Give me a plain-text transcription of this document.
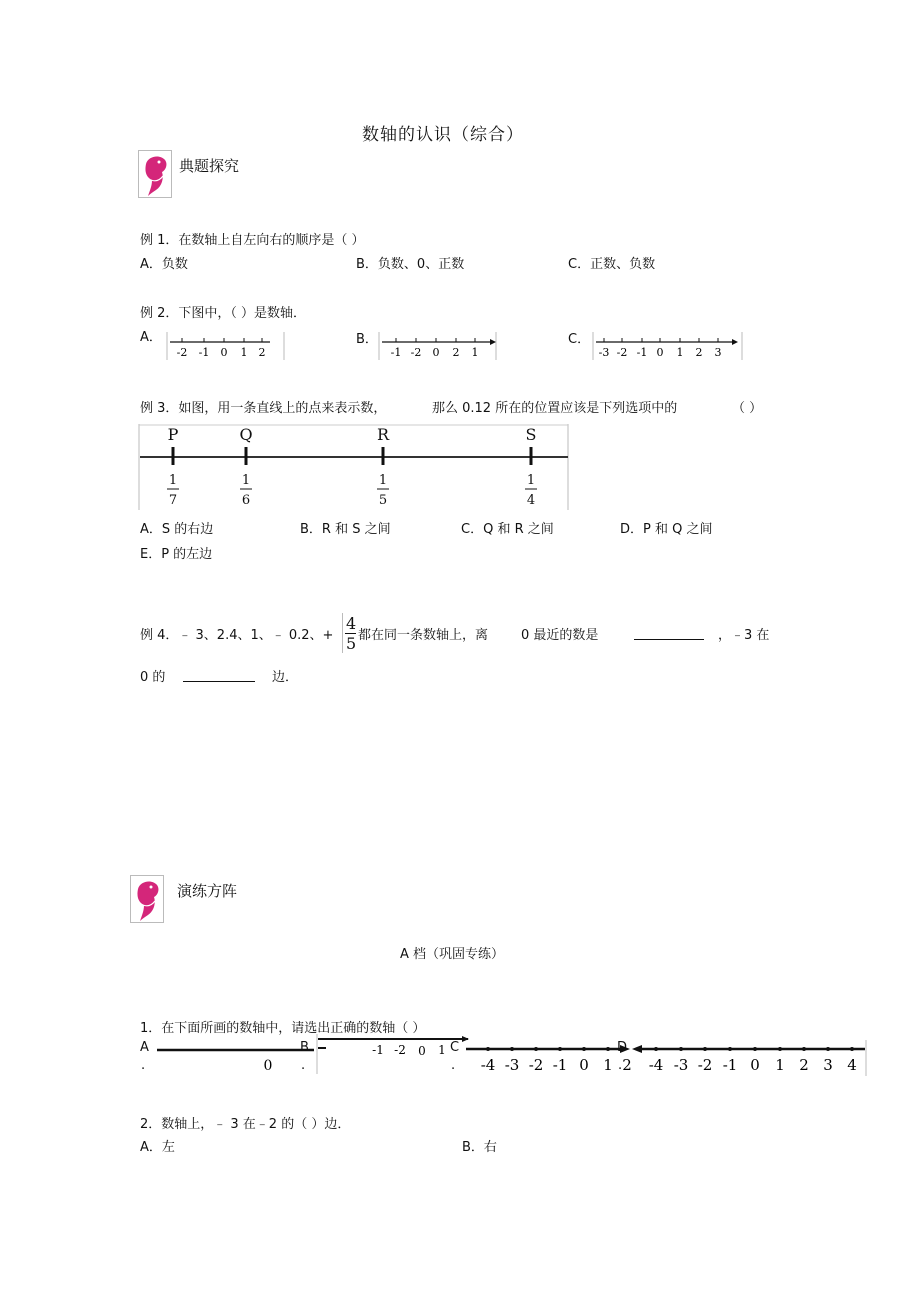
数轴的认识（综合）
典题探究
例 1．在数轴上自左向右的顺序是（ ）
A．负数	B．负数、0、正数	C．正数、负数
例 2．下图中，（ ）是数轴．
A．	B．	C．
-2 -1 0 1 2	-1 -2 0 2 1	-3 -2 -1 0 1 2 3
例 3．如图，用一条直线上的点来表示数，	那么 0.12 所在的位置应该是下列选项中的	（ ）
P	Q	R	S
1
7
1
6
1
5
1
4
A．S 的右边	B．R 和 S 之间	C．Q 和 R 之间	D．P 和 Q 之间
E．P 的左边
例 4．﹣ 3、2.4、1、﹣ 0.2、+
4
5 都在同一条数轴上，离	0 最近的数是	，﹣3 在
0 的	边．
演练方阵
A 档（巩固专练）
1．在下面所画的数轴中，请选出正确的数轴（ ）
A
.	0
B
.
-1 -2 0 1 C
. -4 -3 -2 -1 0 1 2
D
. -4 -3 -2 -1 0 1 2 3 4
2．数轴上，﹣ 3 在﹣2 的（ ）边．
A．左	B．右
